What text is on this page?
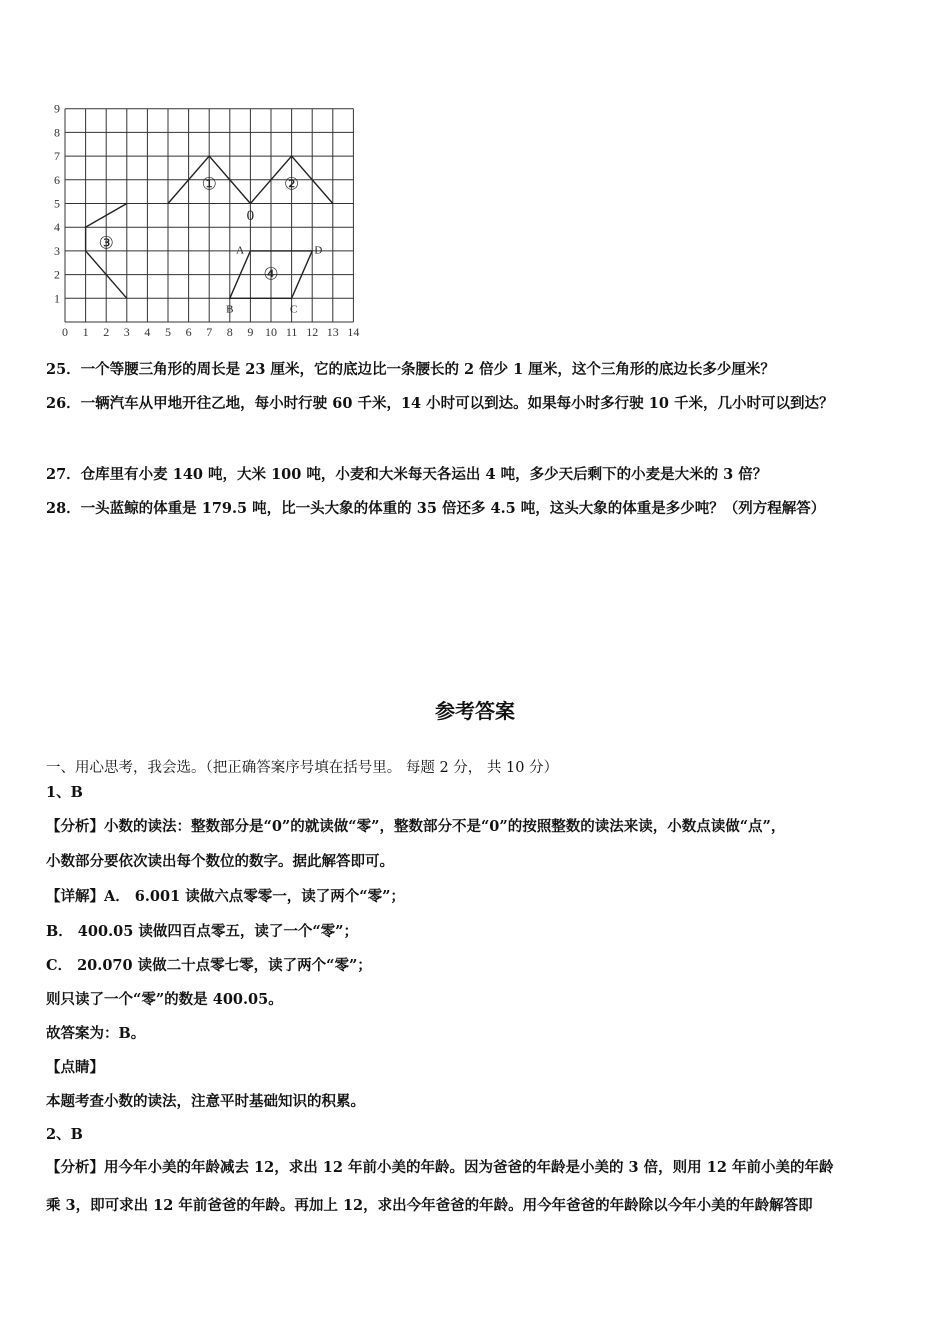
0 1 2 3 4 5 6 7 8 9 10 11 12 13 14
1
2
3
4
5
6
7
8
9
①	②
③
④
0
A	D
B	C
25．一个等腰三角形的周长是 23 厘米，它的底边比一条腰长的 2 倍少 1 厘米，这个三角形的底边长多少厘米？
26．一辆汽车从甲地开往乙地，每小时行驶 60 千米，14 小时可以到达。如果每小时多行驶 10 千米，几小时可以到达？
27．仓库里有小麦 140 吨，大米 100 吨，小麦和大米每天各运出 4 吨，多少天后剩下的小麦是大米的 3 倍？
28．一头蓝鲸的体重是 179.5 吨，比一头大象的体重的 35 倍还多 4.5 吨，这头大象的体重是多少吨？（列方程解答）
参考答案
一、用心思考，我会选。（把正确答案序号填在括号里。 每题 2 分， 共 10 分）
1、B
【分析】小数的读法：整数部分是“0”的就读做“零”，整数部分不是“0”的按照整数的读法来读，小数点读做“点”，
小数部分要依次读出每个数位的数字。据此解答即可。
【详解】A． 6.001 读做六点零零一，读了两个“零”；
B． 400.05 读做四百点零五，读了一个“零”；
C． 20.070 读做二十点零七零，读了两个“零”；
则只读了一个“零”的数是 400.05。
故答案为：B。
【点睛】
本题考查小数的读法，注意平时基础知识的积累。
2、B
【分析】用今年小美的年龄减去 12，求出 12 年前小美的年龄。因为爸爸的年龄是小美的 3 倍，则用 12 年前小美的年龄
乘 3，即可求出 12 年前爸爸的年龄。再加上 12，求出今年爸爸的年龄。用今年爸爸的年龄除以今年小美的年龄解答即
